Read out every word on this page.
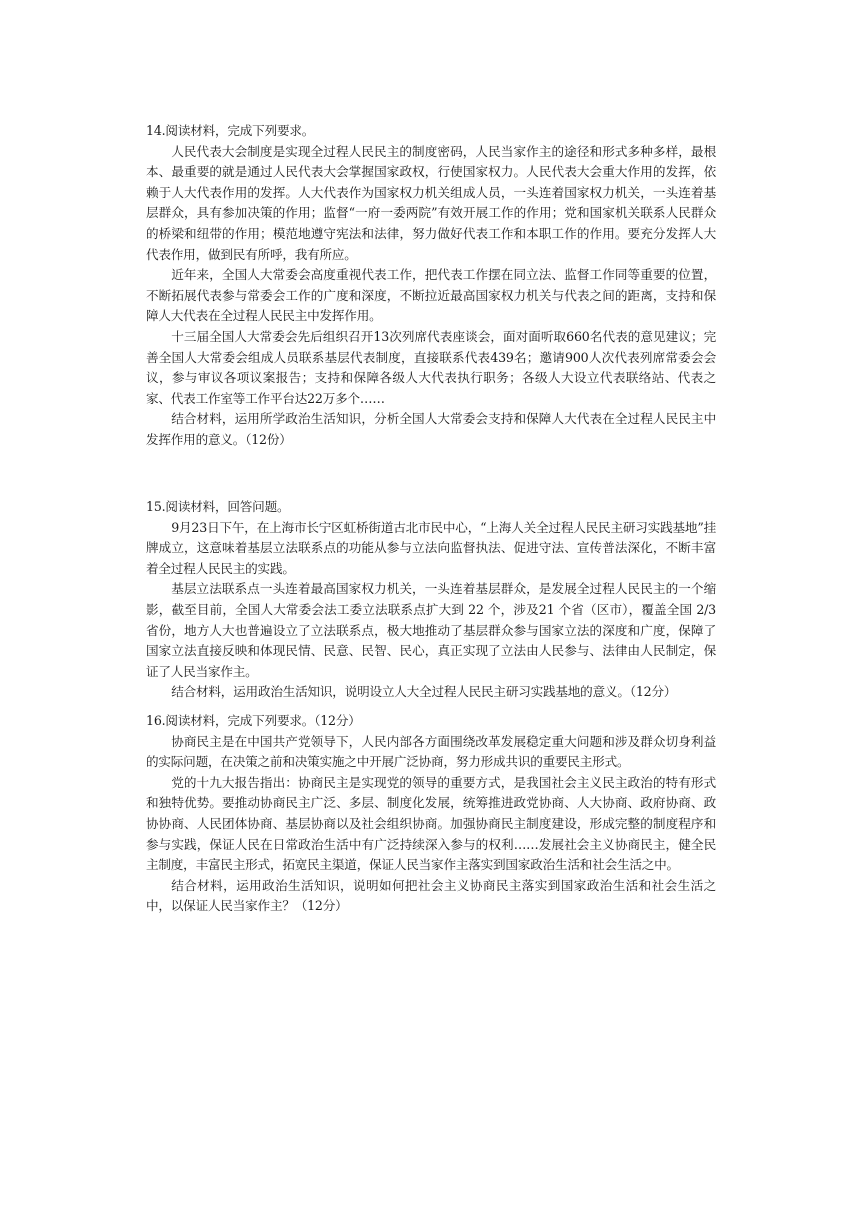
14.阅读材料，完成下列要求。

人民代表大会制度是实现全过程人民民主的制度密码，人民当家作主的途径和形式多种多样，最根本、最重要的就是通过人民代表大会掌握国家政权，行使国家权力。人民代表大会重大作用的发挥，依赖于人大代表作用的发挥。人大代表作为国家权力机关组成人员，一头连着国家权力机关，一头连着基层群众，具有参加决策的作用；监督“一府一委两院”有效开展工作的作用；党和国家机关联系人民群众的桥梁和纽带的作用；模范地遵守宪法和法律，努力做好代表工作和本职工作的作用。要充分发挥人大代表作用，做到民有所呼，我有所应。

近年来，全国人大常委会高度重视代表工作，把代表工作摆在同立法、监督工作同等重要的位置，不断拓展代表参与常委会工作的广度和深度，不断拉近最高国家权力机关与代表之间的距离，支持和保障人大代表在全过程人民民主中发挥作用。

十三届全国人大常委会先后组织召开13次列席代表座谈会，面对面听取660名代表的意见建议；完善全国人大常委会组成人员联系基层代表制度，直接联系代表439名；邀请900人次代表列席常委会会议，参与审议各项议案报告；支持和保障各级人大代表执行职务；各级人大设立代表联络站、代表之家、代表工作室等工作平台达22万多个……

结合材料，运用所学政治生活知识，分析全国人大常委会支持和保障人大代表在全过程人民民主中发挥作用的意义。（12份）

15.阅读材料，回答问题。

9月23日下午，在上海市长宁区虹桥街道古北市民中心，“上海人关全过程人民民主研习实践基地”挂牌成立，这意味着基层立法联系点的功能从参与立法向监督执法、促进守法、宣传普法深化，不断丰富着全过程人民民主的实践。

基层立法联系点一头连着最高国家权力机关，一头连着基层群众，是发展全过程人民民主的一个缩影，截至目前，全国人大常委会法工委立法联系点扩大到 22 个，涉及21 个省（区市），覆盖全国 2/3 省份，地方人大也普遍设立了立法联系点，极大地推动了基层群众参与国家立法的深度和广度，保障了国家立法直接反映和体现民情、民意、民智、民心，真正实现了立法由人民参与、法律由人民制定，保证了人民当家作主。

结合材料，运用政治生活知识，说明设立人大全过程人民民主研习实践基地的意义。（12分）

16.阅读材料，完成下列要求。（12分）

协商民主是在中国共产党领导下，人民内部各方面围绕改革发展稳定重大问题和涉及群众切身利益的实际问题，在决策之前和决策实施之中开展广泛协商，努力形成共识的重要民主形式。

党的十九大报告指出：协商民主是实现党的领导的重要方式，是我国社会主义民主政治的特有形式和独特优势。要推动协商民主广泛、多层、制度化发展，统筹推进政党协商、人大协商、政府协商、政协协商、人民团体协商、基层协商以及社会组织协商。加强协商民主制度建设，形成完整的制度程序和参与实践，保证人民在日常政治生活中有广泛持续深入参与的权利……发展社会主义协商民主，健全民主制度，丰富民主形式，拓宽民主渠道，保证人民当家作主落实到国家政治生活和社会生活之中。

结合材料，运用政治生活知识，说明如何把社会主义协商民主落实到国家政治生活和社会生活之中，以保证人民当家作主？（12分）
